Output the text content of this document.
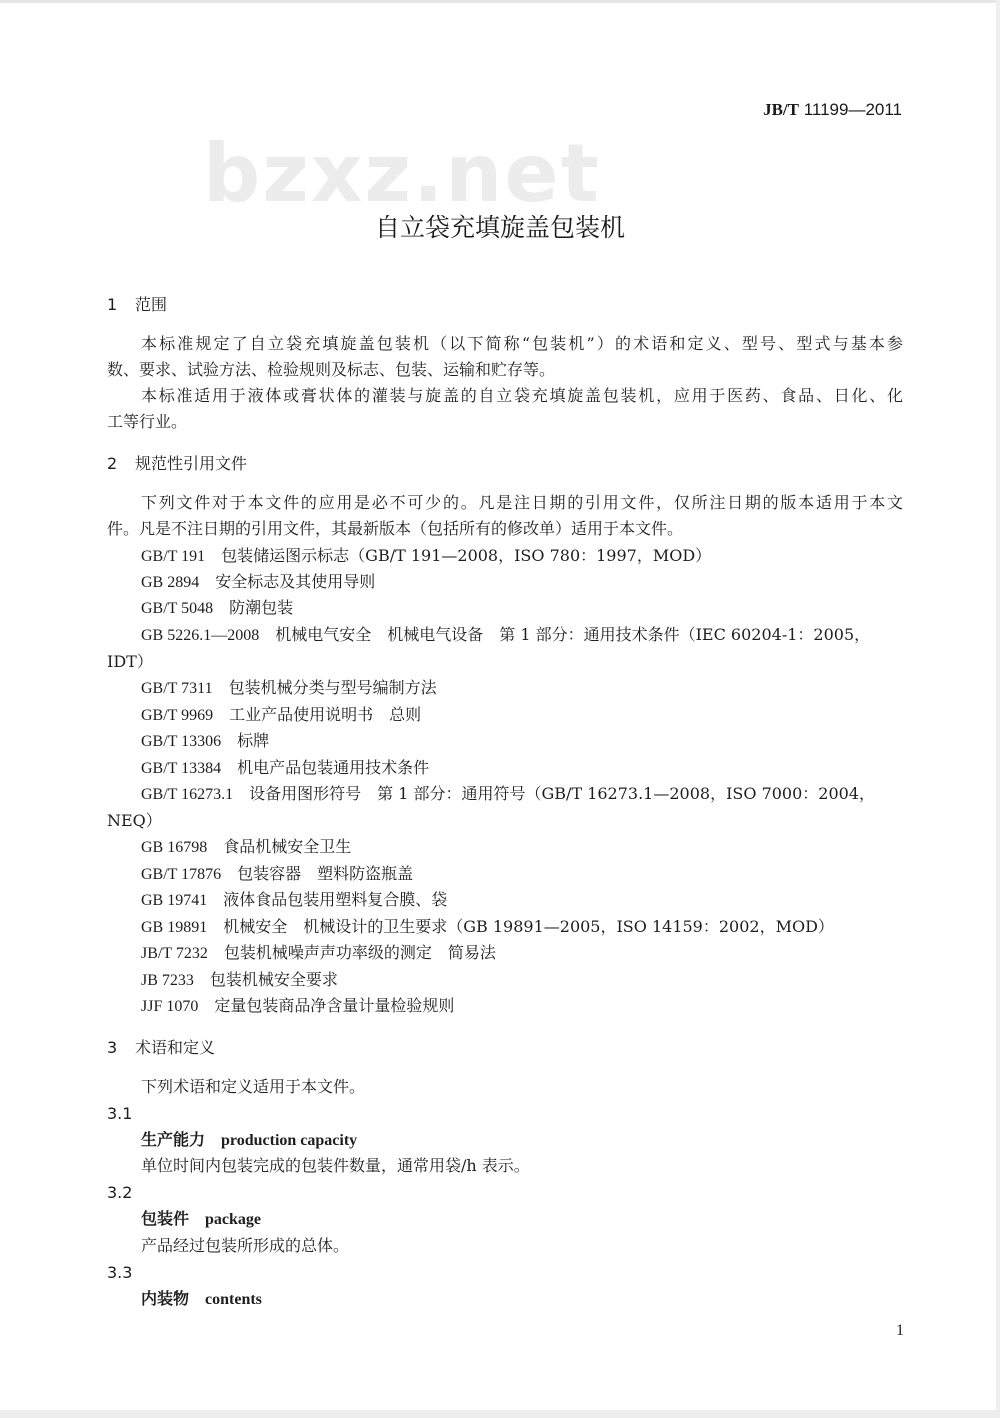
JB/T 11199—2011
bzxz.net
自立袋充填旋盖包装机
1 范围
本标准规定了自立袋充填旋盖包装机（以下简称“包装机”）的术语和定义、型号、型式与基本参
数、要求、试验方法、检验规则及标志、包装、运输和贮存等。
本标准适用于液体或膏状体的灌装与旋盖的自立袋充填旋盖包装机，应用于医药、食品、日化、化
工等行业。
2 规范性引用文件
下列文件对于本文件的应用是必不可少的。凡是注日期的引用文件，仅所注日期的版本适用于本文
件。凡是不注日期的引用文件，其最新版本（包括所有的修改单）适用于本文件。
GB/T 191 包装储运图示标志（GB/T 191—2008，ISO 780：1997，MOD）
GB 2894 安全标志及其使用导则
GB/T 5048 防潮包装
GB 5226.1—2008 机械电气安全　机械电气设备　第 1 部分：通用技术条件（IEC 60204-1：2005，
IDT）
GB/T 7311 包装机械分类与型号编制方法
GB/T 9969 工业产品使用说明书　总则
GB/T 13306 标牌
GB/T 13384 机电产品包装通用技术条件
GB/T 16273.1 设备用图形符号　第 1 部分：通用符号（GB/T 16273.1—2008，ISO 7000：2004，
NEQ）
GB 16798 食品机械安全卫生
GB/T 17876 包装容器　塑料防盗瓶盖
GB 19741 液体食品包装用塑料复合膜、袋
GB 19891 机械安全　机械设计的卫生要求（GB 19891—2005，ISO 14159：2002，MOD）
JB/T 7232 包装机械噪声声功率级的测定　简易法
JB 7233 包装机械安全要求
JJF 1070 定量包装商品净含量计量检验规则
3 术语和定义
下列术语和定义适用于本文件。
3.1
生产能力 production capacity
单位时间内包装完成的包装件数量，通常用袋/h 表示。
3.2
包装件 package
产品经过包装所形成的总体。
3.3
内装物 contents
1
